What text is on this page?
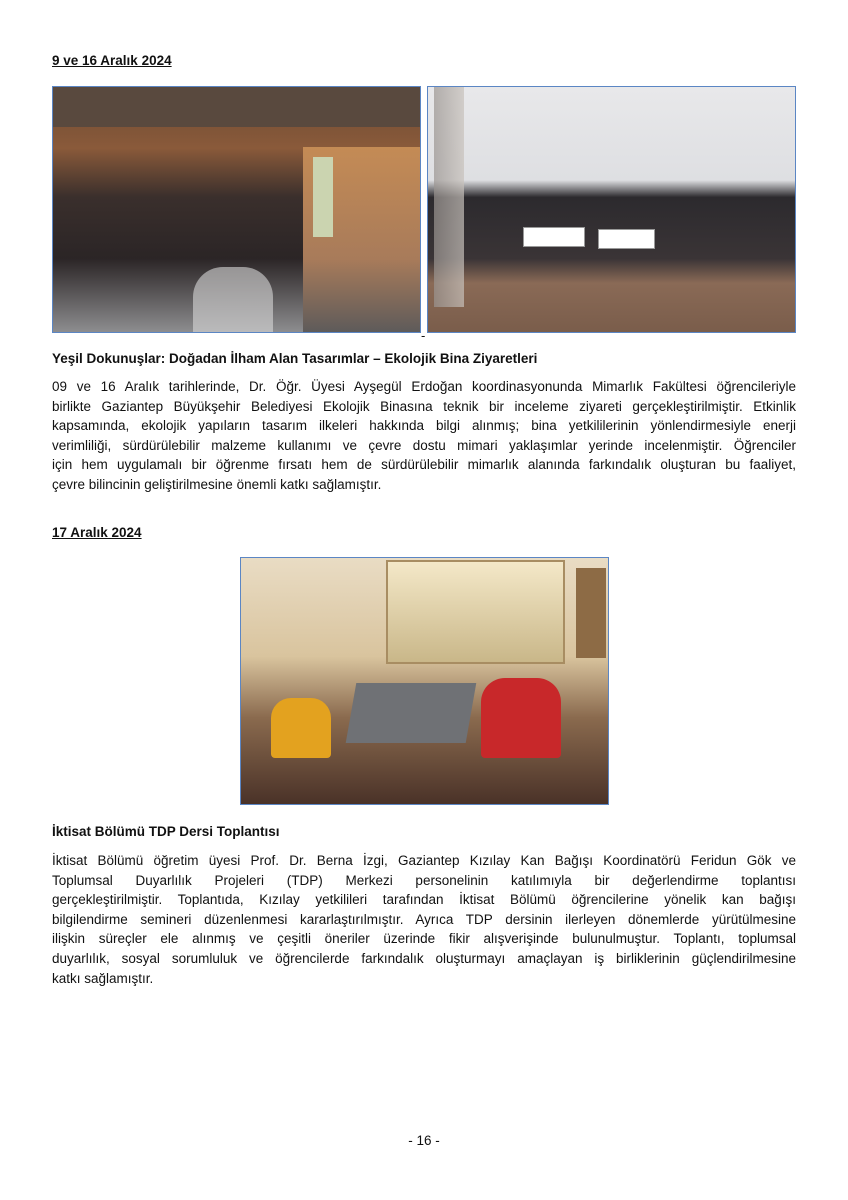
9 ve 16 Aralık 2024
-
Yeşil Dokunuşlar: Doğadan İlham Alan Tasarımlar – Ekolojik Bina Ziyaretleri
09 ve 16 Aralık tarihlerinde, Dr. Öğr. Üyesi Ayşegül Erdoğan koordinasyonunda Mimarlık Fakültesi öğrencileriyle
birlikte Gaziantep Büyükşehir Belediyesi Ekolojik Binasına teknik bir inceleme ziyareti gerçekleştirilmiştir. Etkinlik
kapsamında, ekolojik yapıların tasarım ilkeleri hakkında bilgi alınmış; bina yetkililerinin yönlendirmesiyle enerji
verimliliği, sürdürülebilir malzeme kullanımı ve çevre dostu mimari yaklaşımlar yerinde incelenmiştir. Öğrenciler
için hem uygulamalı bir öğrenme fırsatı hem de sürdürülebilir mimarlık alanında farkındalık oluşturan bu faaliyet,
çevre bilincinin geliştirilmesine önemli katkı sağlamıştır.
17 Aralık 2024
İktisat Bölümü TDP Dersi Toplantısı
İktisat Bölümü öğretim üyesi Prof. Dr. Berna İzgi, Gaziantep Kızılay Kan Bağışı Koordinatörü Feridun Gök ve
Toplumsal Duyarlılık Projeleri (TDP) Merkezi personelinin katılımıyla bir değerlendirme toplantısı
gerçekleştirilmiştir. Toplantıda, Kızılay yetkilileri tarafından İktisat Bölümü öğrencilerine yönelik kan bağışı
bilgilendirme semineri düzenlenmesi kararlaştırılmıştır. Ayrıca TDP dersinin ilerleyen dönemlerde yürütülmesine
ilişkin süreçler ele alınmış ve çeşitli öneriler üzerinde fikir alışverişinde bulunulmuştur. Toplantı, toplumsal
duyarlılık, sosyal sorumluluk ve öğrencilerde farkındalık oluşturmayı amaçlayan iş birliklerinin güçlendirilmesine
katkı sağlamıştır.
- 16 -
